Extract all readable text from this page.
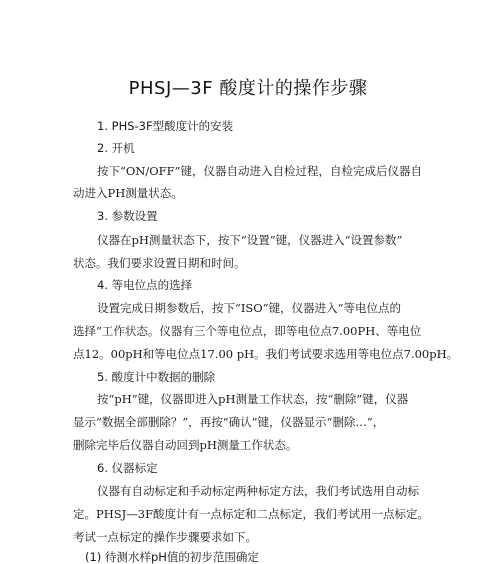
PHSJ—3F 酸度计的操作步骤
1. PHS-3F型酸度计的安装
2. 开机
按下“ON/OFF”键，仪器自动进入自检过程，自检完成后仪器自
动进入PH测量状态。
3. 参数设置
仪器在pH测量状态下，按下“设置”键，仪器进入“设置参数”
状态。我们要求设置日期和时间。
4. 等电位点的选择
设置完成日期参数后，按下“ISO”键，仪器进入“等电位点的
选择”工作状态。仪器有三个等电位点，即等电位点7.00PH、等电位
点12。00pH和等电位点17.00 pH。我们考试要求选用等电位点7.00pH。
5. 酸度计中数据的删除
按“pH”键，仪器即进入pH测量工作状态，按“删除”键，仪器
显示“数据全部删除？”，再按“确认”键，仪器显示“删除…”，
删除完毕后仪器自动回到pH测量工作状态。
6. 仪器标定
仪器有自动标定和手动标定两种标定方法，我们考试选用自动标
定。PHSJ—3F酸度计有一点标定和二点标定，我们考试用一点标定。
考试一点标定的操作步骤要求如下。
(1) 待测水样pH值的初步范围确定
